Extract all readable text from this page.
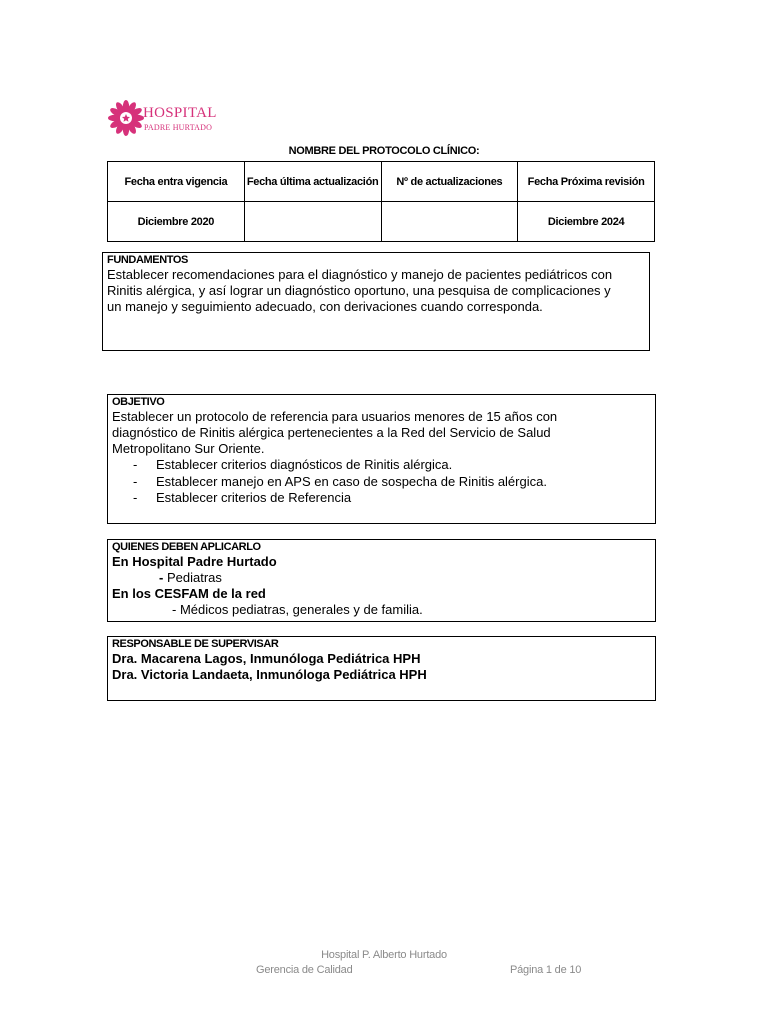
HOSPITAL
PADRE HURTADO
NOMBRE DEL PROTOCOLO CLÍNICO:
Fecha entra vigencia	Fecha última actualización	Nº de actualizaciones	Fecha Próxima revisión
Diciembre 2020			Diciembre 2024
FUNDAMENTOS
Establecer recomendaciones para el diagnóstico y manejo de pacientes pediátricos con
Rinitis alérgica, y así lograr un diagnóstico oportuno, una pesquisa de complicaciones y
un manejo y seguimiento adecuado, con derivaciones cuando corresponda.
OBJETIVO
Establecer un protocolo de referencia para usuarios menores de 15 años con
diagnóstico de Rinitis alérgica pertenecientes a la Red del Servicio de Salud
Metropolitano Sur Oriente.
- Establecer criterios diagnósticos de Rinitis alérgica.
- Establecer manejo en APS en caso de sospecha de Rinitis alérgica.
- Establecer criterios de Referencia
QUIENES DEBEN APLICARLO
En Hospital Padre Hurtado
- Pediatras
En los CESFAM de la red
- Médicos pediatras, generales y de familia.
RESPONSABLE DE SUPERVISAR
Dra. Macarena Lagos, Inmunóloga Pediátrica HPH
Dra. Victoria Landaeta, Inmunóloga Pediátrica HPH
Hospital P. Alberto Hurtado
Gerencia de Calidad	Página 1 de 10
